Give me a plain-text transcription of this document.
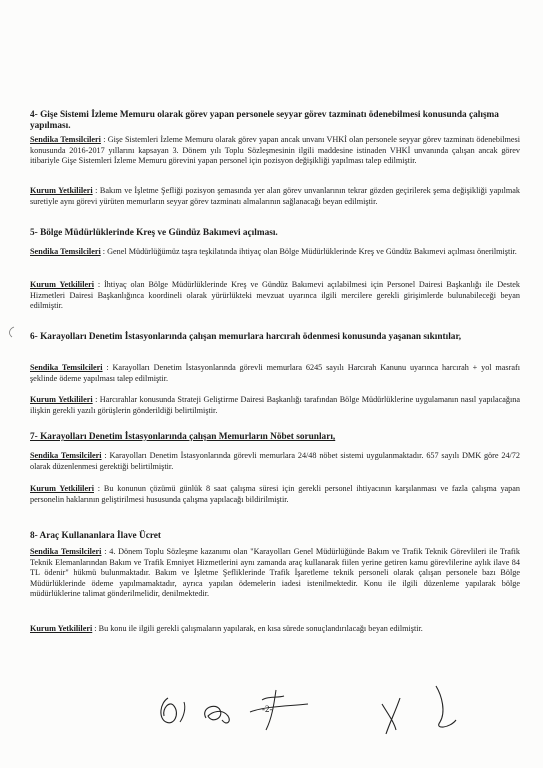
4- Gişe Sistemi İzleme Memuru olarak görev yapan personele seyyar görev tazminatı ödenebilmesi konusunda çalışma yapılması.
Sendika Temsilcileri : Gişe Sistemleri İzleme Memuru olarak görev yapan ancak unvanı VHKİ olan personele seyyar görev tazminatı ödenebilmesi konusunda 2016-2017 yıllarını kapsayan 3. Dönem yılı Toplu Sözleşmesinin ilgili maddesine istinaden VHKİ unvanında çalışan ancak görev itibariyle Gişe Sistemleri İzleme Memuru görevini yapan personel için pozisyon değişikliği yapılması talep edilmiştir.
Kurum Yetkilileri : Bakım ve İşletme Şefliği pozisyon şemasında yer alan görev unvanlarının tekrar gözden geçirilerek şema değişikliği yapılmak suretiyle aynı görevi yürüten memurların seyyar görev tazminatı almalarının sağlanacağı beyan edilmiştir.
5- Bölge Müdürlüklerinde Kreş ve Gündüz Bakımevi açılması.
Sendika Temsilcileri : Genel Müdürlüğümüz taşra teşkilatında ihtiyaç olan Bölge Müdürlüklerinde Kreş ve Gündüz Bakımevi açılması önerilmiştir.
Kurum Yetkilileri : İhtiyaç olan Bölge Müdürlüklerinde Kreş ve Gündüz Bakımevi açılabilmesi için Personel Dairesi Başkanlığı ile Destek Hizmetleri Dairesi Başkanlığınca koordineli olarak yürürlükteki mevzuat uyarınca ilgili mercilere gerekli girişimlerde bulunabileceği beyan edilmiştir.
6- Karayolları Denetim İstasyonlarında çalışan memurlara harcırah ödenmesi konusunda yaşanan sıkıntılar,
Sendika Temsilcileri : Karayolları Denetim İstasyonlarında görevli memurlara 6245 sayılı Harcırah Kanunu uyarınca harcırah + yol masrafı şeklinde ödeme yapılması talep edilmiştir.
Kurum Yetkilileri : Harcırahlar konusunda Strateji Geliştirme Dairesi Başkanlığı tarafından Bölge Müdürlüklerine uygulamanın nasıl yapılacağına ilişkin gerekli yazılı görüşlerin gönderildiği belirtilmiştir.
7- Karayolları Denetim İstasyonlarında çalışan Memurların Nöbet sorunları,
Sendika Temsilcileri : Karayolları Denetim İstasyonlarında görevli memurlara 24/48 nöbet sistemi uygulanmaktadır. 657 sayılı DMK göre 24/72 olarak düzenlenmesi gerektiği belirtilmiştir.
Kurum Yetkilileri : Bu konunun çözümü günlük 8 saat çalışma süresi için gerekli personel ihtiyacının karşılanması ve fazla çalışma yapan personelin haklarının geliştirilmesi hususunda çalışma yapılacağı bildirilmiştir.
8- Araç Kullananlara İlave Ücret
Sendika Temsilcileri : 4. Dönem Toplu Sözleşme kazanımı olan "Karayolları Genel Müdürlüğünde Bakım ve Trafik Teknik Görevlileri ile Trafik Teknik Elemanlarından Bakım ve Trafik Emniyet Hizmetlerini aynı zamanda araç kullanarak fiilen yerine getiren kamu görevlilerine aylık ilave 84 TL ödenir" hükmü bulunmaktadır. Bakım ve İşletme Şefliklerinde Trafik İşaretleme teknik personeli olarak çalışan personele bazı Bölge Müdürlüklerinde ödeme yapılmamaktadır, ayrıca yapılan ödemelerin iadesi istenilmektedir. Konu ile ilgili düzenleme yapılarak bölge müdürlüklerine talimat gönderilmelidir, denilmektedir.
Kurum Yetkilileri : Bu konu ile ilgili gerekli çalışmaların yapılarak, en kısa sürede sonuçlandırılacağı beyan edilmiştir.
-2-
